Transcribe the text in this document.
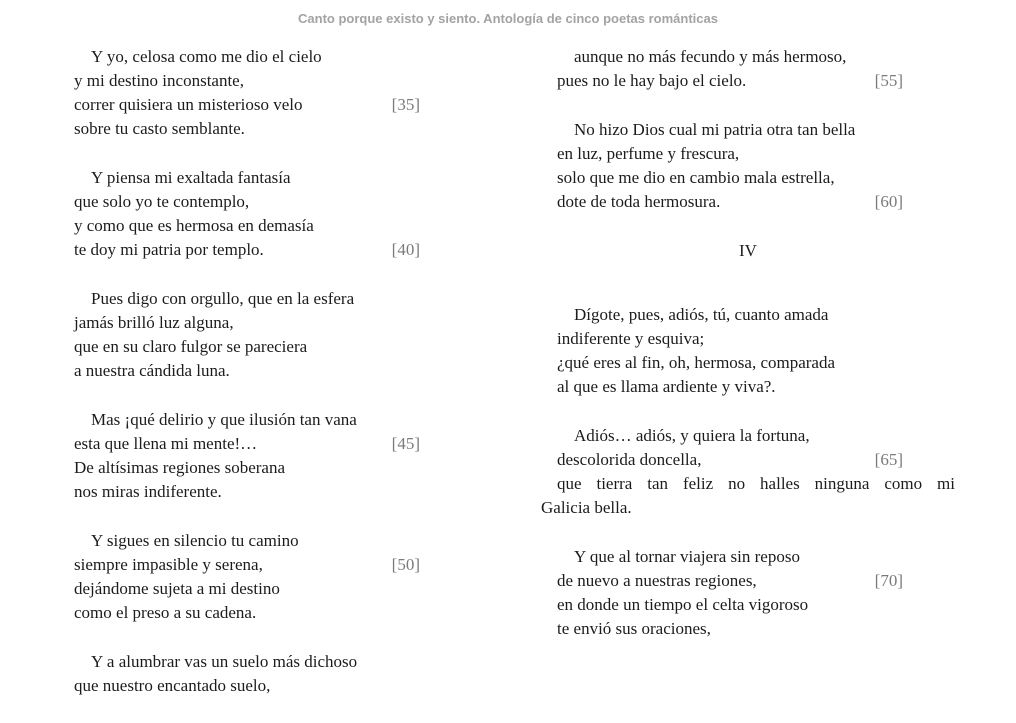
Canto porque existo y siento. Antología de cinco poetas románticas
Y yo, celosa como me dio el cielo
y mi destino inconstante,
correr quisiera un misterioso velo	[35]
sobre tu casto semblante.
Y piensa mi exaltada fantasía
que solo yo te contemplo,
y como que es hermosa en demasía
te doy mi patria por templo.	[40]
Pues digo con orgullo, que en la esfera
jamás brilló luz alguna,
que en su claro fulgor se pareciera
a nuestra cándida luna.
Mas ¡qué delirio y que ilusión tan vana
esta que llena mi mente!…	[45]
De altísimas regiones soberana
nos miras indiferente.
Y sigues en silencio tu camino
siempre impasible y serena,	[50]
dejándome sujeta a mi destino
como el preso a su cadena.
Y a alumbrar vas un suelo más dichoso
que nuestro encantado suelo,
aunque no más fecundo y más hermoso,
pues no le hay bajo el cielo.	[55]
No hizo Dios cual mi patria otra tan bella
en luz, perfume y frescura,
solo que me dio en cambio mala estrella,
dote de toda hermosura.	[60]
IV
Dígote, pues, adiós, tú, cuanto amada
indiferente y esquiva;
¿qué eres al fin, oh, hermosa, comparada
al que es llama ardiente y viva?.
Adiós… adiós, y quiera la fortuna,
descolorida doncella,	[65]
que tierra tan feliz no halles ninguna como mi
Galicia bella.
Y que al tornar viajera sin reposo
de nuevo a nuestras regiones,	[70]
en donde un tiempo el celta vigoroso
te envió sus oraciones,
